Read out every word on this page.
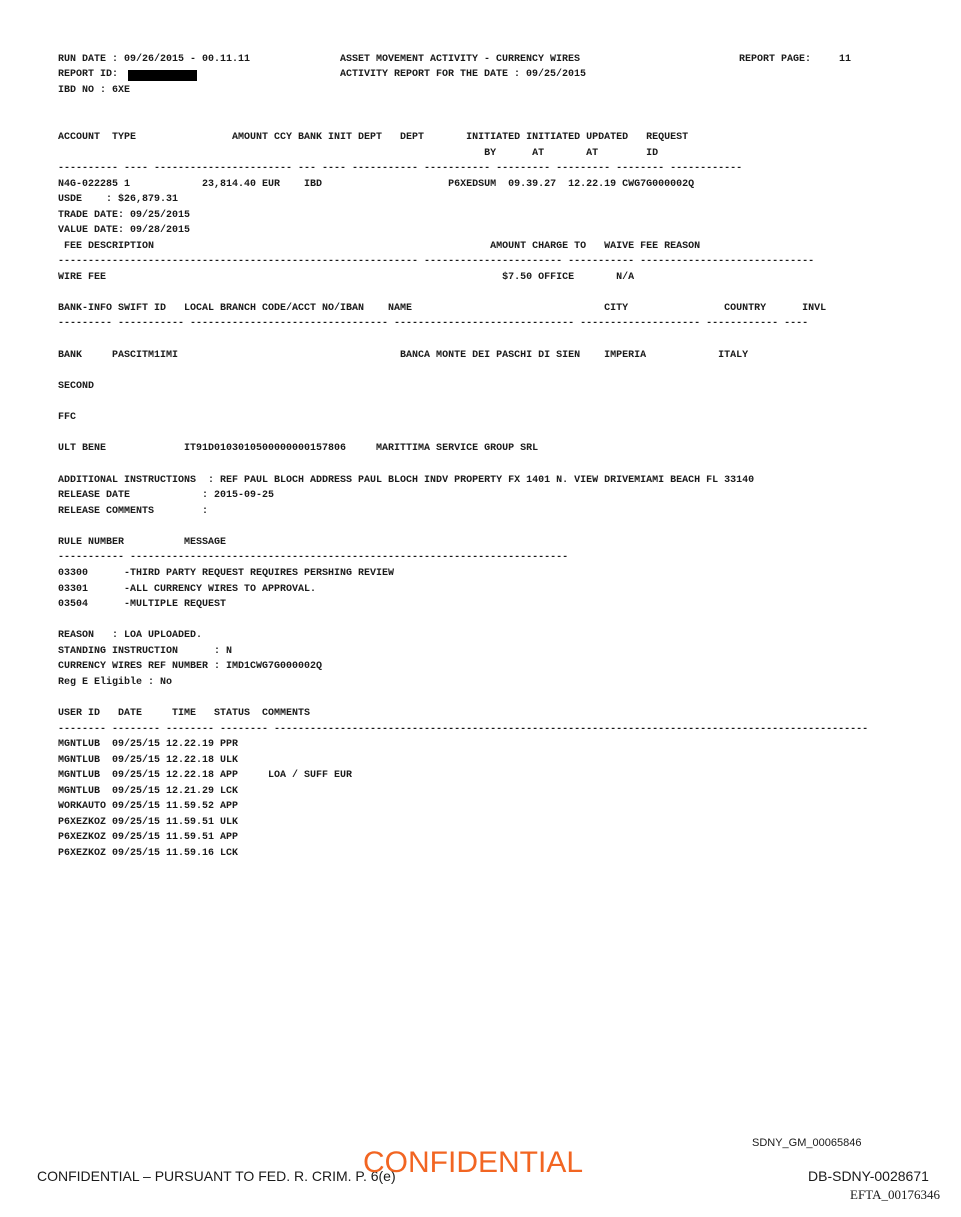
RUN DATE : 09/26/2015 - 00.11.11
REPORT ID:
IBD NO : 6XE
ASSET MOVEMENT ACTIVITY - CURRENCY WIRES
ACTIVITY REPORT FOR THE DATE : 09/25/2015
REPORT PAGE:	11
ACCOUNT  TYPE                AMOUNT CCY BANK INIT DEPT   DEPT       INITIATED INITIATED UPDATED   REQUEST
BY      AT       AT        ID
---------- ---- ----------------------- --- ---- ----------- ----------- --------- --------- -------- ------------
N4G-022285 1            23,814.40 EUR    IBD                     P6XEDSUM  09.39.27  12.22.19 CWG7G000002Q
USDE    : $26,879.31
TRADE DATE: 09/25/2015
VALUE DATE: 09/28/2015
FEE DESCRIPTION                                                        AMOUNT CHARGE TO   WAIVE FEE REASON
------------------------------------------------------------ ----------------------- ----------- -----------------------------
WIRE FEE                                                                  $7.50 OFFICE       N/A
BANK-INFO SWIFT ID   LOCAL BRANCH CODE/ACCT NO/IBAN    NAME                                CITY                COUNTRY      INVL
--------- ----------- --------------------------------- ------------------------------ -------------------- ------------ ----
BANK     PASCITM1IMI                                     BANCA MONTE DEI PASCHI DI SIEN    IMPERIA            ITALY
SECOND
FFC
ULT BENE             IT91D0103010500000000157806     MARITTIMA SERVICE GROUP SRL
ADDITIONAL INSTRUCTIONS  : REF PAUL BLOCH ADDRESS PAUL BLOCH INDV PROPERTY FX 1401 N. VIEW DRIVEMIAMI BEACH FL 33140
RELEASE DATE            : 2015-09-25
RELEASE COMMENTS        :
RULE NUMBER          MESSAGE
----------- -------------------------------------------------------------------------
03300      -THIRD PARTY REQUEST REQUIRES PERSHING REVIEW
03301      -ALL CURRENCY WIRES TO APPROVAL.
03504      -MULTIPLE REQUEST
REASON   : LOA UPLOADED.
STANDING INSTRUCTION      : N
CURRENCY WIRES REF NUMBER : IMD1CWG7G000002Q
Reg E Eligible : No
USER ID   DATE     TIME   STATUS  COMMENTS
-------- -------- -------- -------- ---------------------------------------------------------------------------------------------------
MGNTLUB  09/25/15 12.22.19 PPR
MGNTLUB  09/25/15 12.22.18 ULK
MGNTLUB  09/25/15 12.22.18 APP     LOA / SUFF EUR
MGNTLUB  09/25/15 12.21.29 LCK
WORKAUTO 09/25/15 11.59.52 APP
P6XEZKOZ 09/25/15 11.59.51 ULK
P6XEZKOZ 09/25/15 11.59.51 APP
P6XEZKOZ 09/25/15 11.59.16 LCK
SDNY_GM_00065846
CONFIDENTIAL – PURSUANT TO FED. R. CRIM. P. 6(e)
CONFIDENTIAL	DB-SDNY-0028671
EFTA_00176346
